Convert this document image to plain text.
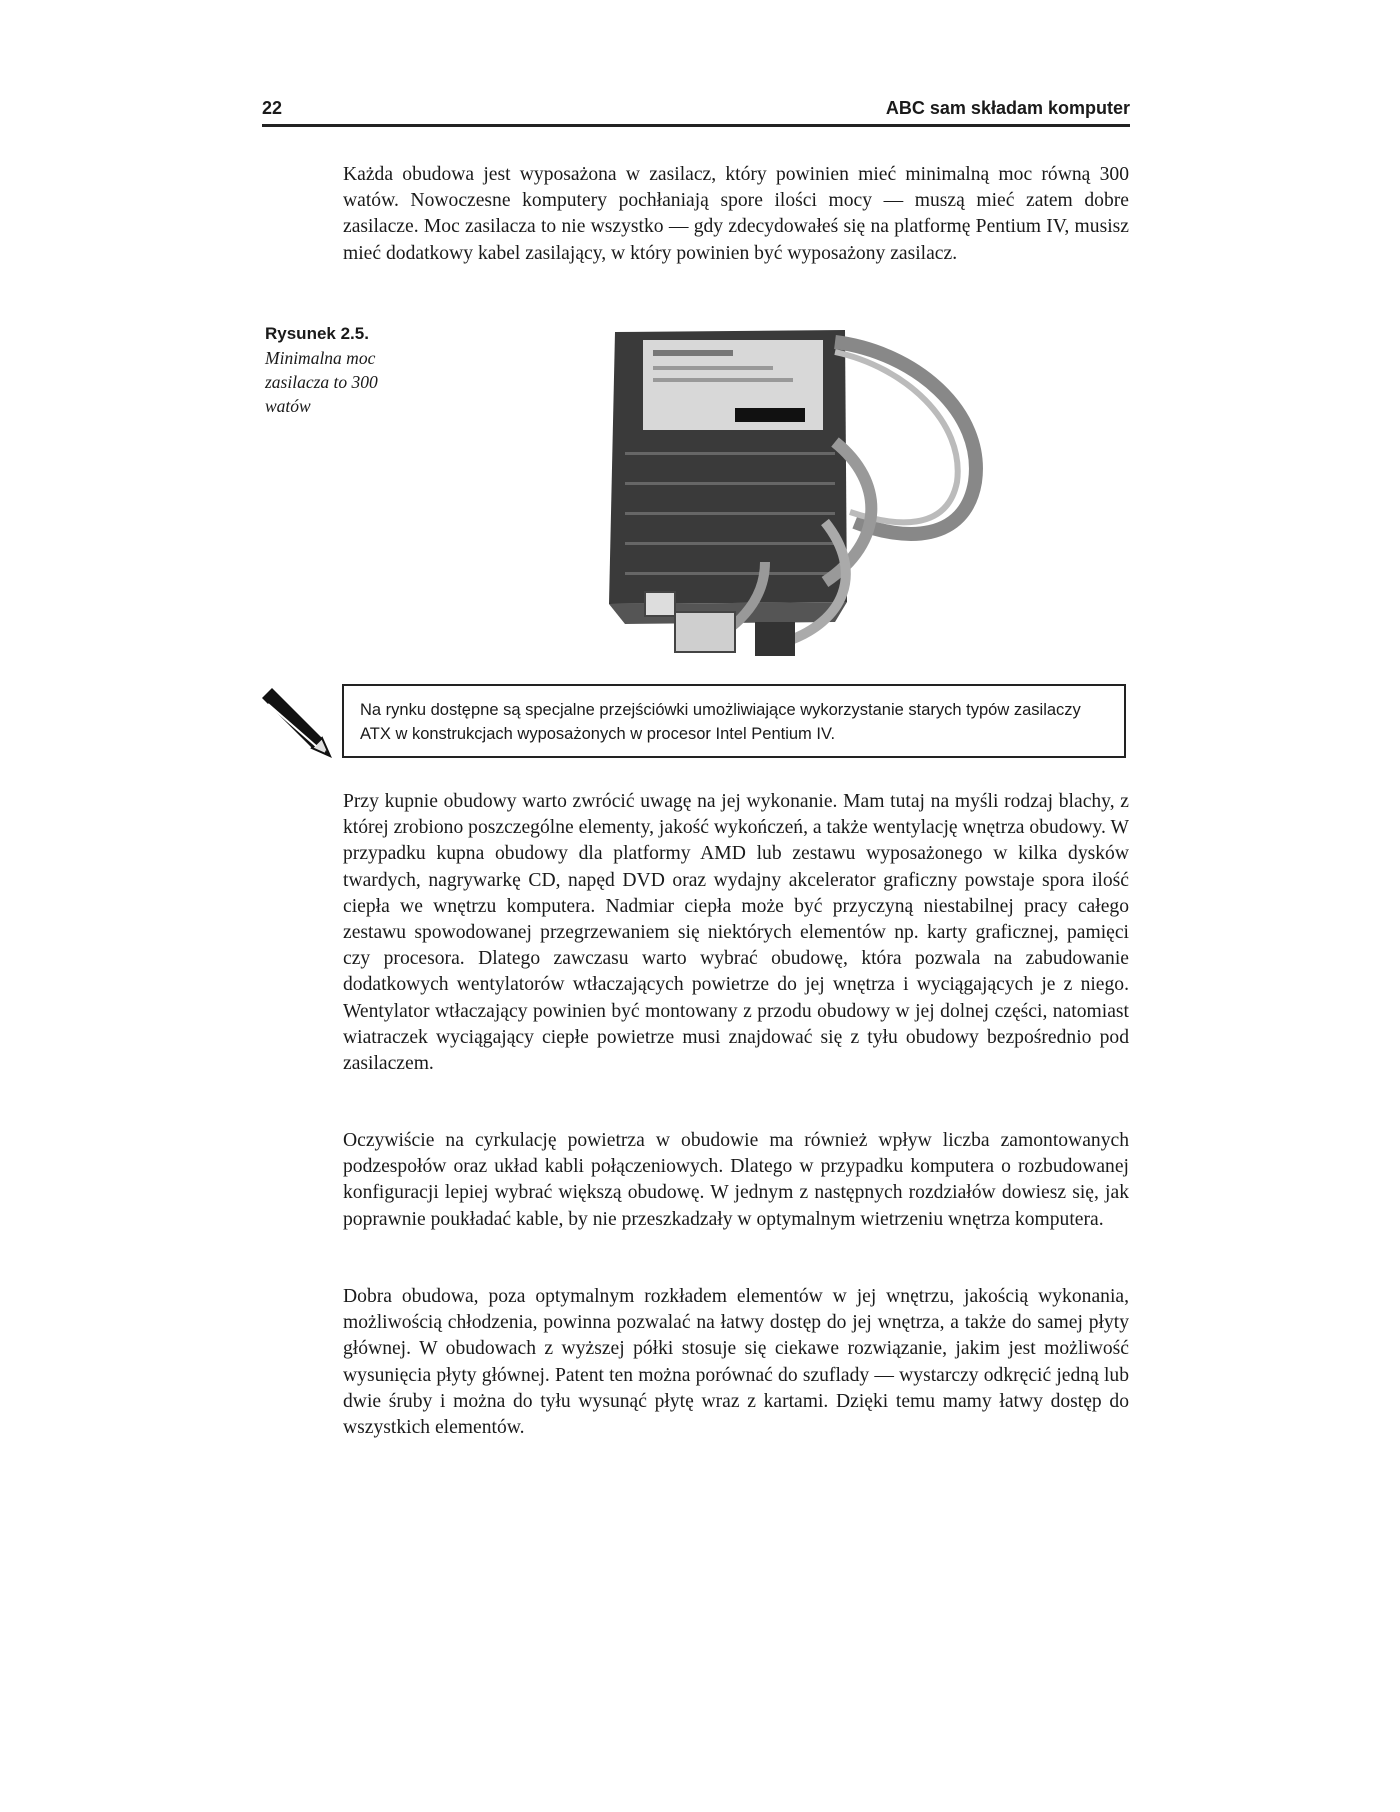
22	ABC sam składam komputer

Każda obudowa jest wyposażona w zasilacz, który powinien mieć minimalną moc równą 300 watów. Nowoczesne komputery pochłaniają spore ilości mocy — muszą mieć zatem dobre zasilacze. Moc zasilacza to nie wszystko — gdy zdecydowałeś się na platformę Pentium IV, musisz mieć dodatkowy kabel zasilający, w który powinien być wyposażony zasilacz.

Rysunek 2.5.
Minimalna moc zasilacza to 300 watów
Na rynku dostępne są specjalne przejściówki umożliwiające wykorzystanie starych typów zasilaczy ATX w konstrukcjach wyposażonych w procesor Intel Pentium IV.

Przy kupnie obudowy warto zwrócić uwagę na jej wykonanie. Mam tutaj na myśli rodzaj blachy, z której zrobiono poszczególne elementy, jakość wykończeń, a także wentylację wnętrza obudowy. W przypadku kupna obudowy dla platformy AMD lub zestawu wyposażonego w kilka dysków twardych, nagrywarkę CD, napęd DVD oraz wydajny akcelerator graficzny powstaje spora ilość ciepła we wnętrzu komputera. Nadmiar ciepła może być przyczyną niestabilnej pracy całego zestawu spowodowanej przegrzewaniem się niektórych elementów np. karty graficznej, pamięci czy procesora. Dlatego zawczasu warto wybrać obudowę, która pozwala na zabudowanie dodatkowych wentylatorów wtłaczających powietrze do jej wnętrza i wyciągających je z niego. Wentylator wtłaczający powinien być montowany z przodu obudowy w jej dolnej części, natomiast wiatraczek wyciągający ciepłe powietrze musi znajdować się z tyłu obudowy bezpośrednio pod zasilaczem.

Oczywiście na cyrkulację powietrza w obudowie ma również wpływ liczba zamontowanych podzespołów oraz układ kabli połączeniowych. Dlatego w przypadku komputera o rozbudowanej konfiguracji lepiej wybrać większą obudowę. W jednym z następnych rozdziałów dowiesz się, jak poprawnie poukładać kable, by nie przeszkadzały w optymalnym wietrzeniu wnętrza komputera.

Dobra obudowa, poza optymalnym rozkładem elementów w jej wnętrzu, jakością wykonania, możliwością chłodzenia, powinna pozwalać na łatwy dostęp do jej wnętrza, a także do samej płyty głównej. W obudowach z wyższej półki stosuje się ciekawe rozwiązanie, jakim jest możliwość wysunięcia płyty głównej. Patent ten można porównać do szuflady — wystarczy odkręcić jedną lub dwie śruby i można do tyłu wysunąć płytę wraz z kartami. Dzięki temu mamy łatwy dostęp do wszystkich elementów.
